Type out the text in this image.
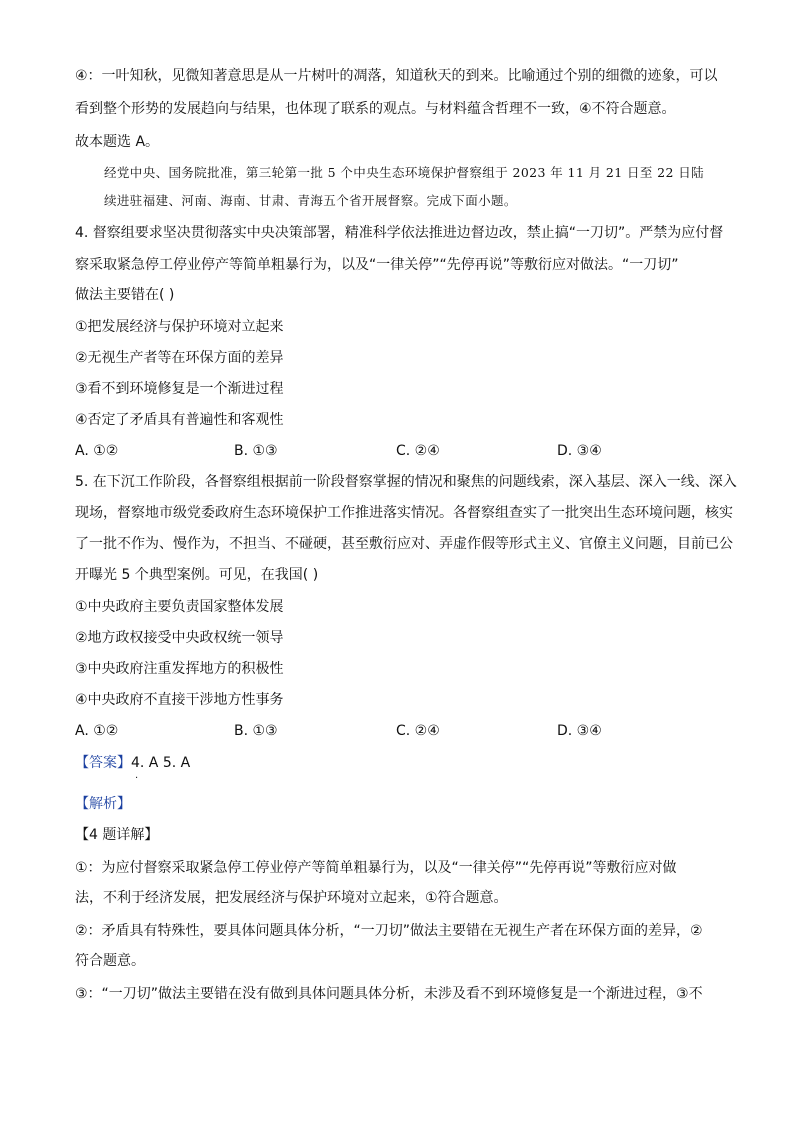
④：一叶知秋，见微知著意思是从一片树叶的凋落，知道秋天的到来。比喻通过个别的细微的迹象，可以
看到整个形势的发展趋向与结果，也体现了联系的观点。与材料蕴含哲理不一致，④不符合题意。
故本题选 A。
经党中央、国务院批准，第三轮第一批 5 个中央生态环境保护督察组于 2023 年 11 月 21 日至 22 日陆
续进驻福建、河南、海南、甘肃、青海五个省开展督察。完成下面小题。
4. 督察组要求坚决贯彻落实中央决策部署，精准科学依法推进边督边改，禁止搞“一刀切”。严禁为应付督
察采取紧急停工停业停产等简单粗暴行为，以及“一律关停”“先停再说”等敷衍应对做法。“一刀切”
做法主要错在( )
①把发展经济与保护环境对立起来
②无视生产者等在环保方面的差异
③看不到环境修复是一个渐进过程
④否定了矛盾具有普遍性和客观性
A. ①②	B. ①③	C. ②④	D. ③④
5. 在下沉工作阶段，各督察组根据前一阶段督察掌握的情况和聚焦的问题线索，深入基层、深入一线、深入
现场，督察地市级党委政府生态环境保护工作推进落实情况。各督察组查实了一批突出生态环境问题，核实
了一批不作为、慢作为，不担当、不碰硬，甚至敷衍应对、弄虚作假等形式主义、官僚主义问题，目前已公
开曝光 5 个典型案例。可见，在我国( )
①中央政府主要负责国家整体发展
②地方政权接受中央政权统一领导
③中央政府注重发挥地方的积极性
④中央政府不直接干涉地方性事务
A. ①②	B. ①③	C. ②④	D. ③④
【答案】4. A 5. A
·
【解析】
【4 题详解】
①：为应付督察采取紧急停工停业停产等简单粗暴行为，以及“一律关停”“先停再说”等敷衍应对做
法，不利于经济发展，把发展经济与保护环境对立起来，①符合题意。
②：矛盾具有特殊性，要具体问题具体分析，“一刀切”做法主要错在无视生产者在环保方面的差异，②
符合题意。
③：“一刀切”做法主要错在没有做到具体问题具体分析，未涉及看不到环境修复是一个渐进过程，③不
